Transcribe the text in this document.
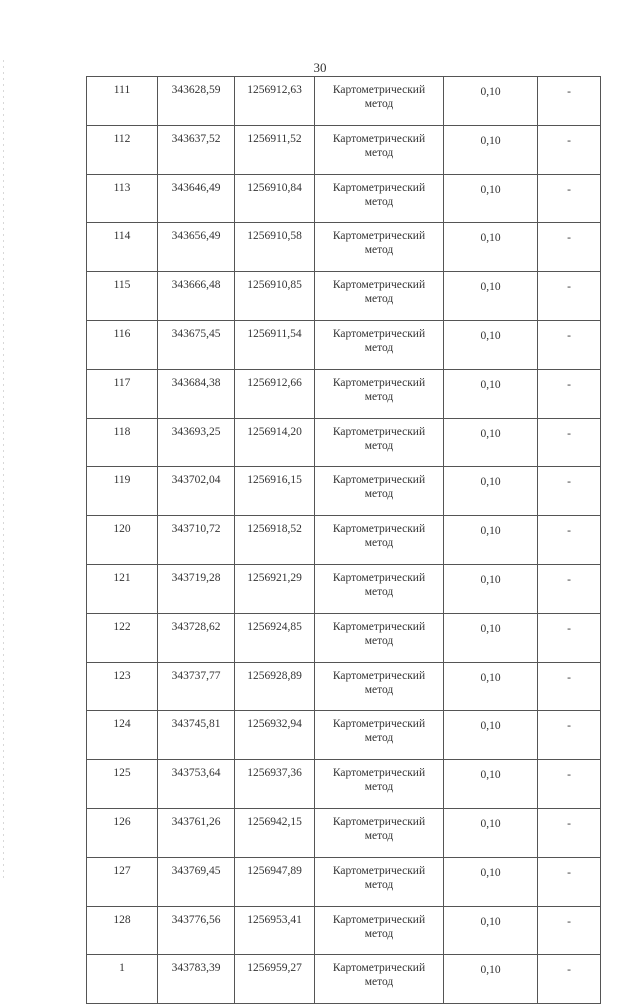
30
111	343628,59	1256912,63	Картометрический
метод	0,10	-
112	343637,52	1256911,52	Картометрический
метод	0,10	-
113	343646,49	1256910,84	Картометрический
метод	0,10	-
114	343656,49	1256910,58	Картометрический
метод	0,10	-
115	343666,48	1256910,85	Картометрический
метод	0,10	-
116	343675,45	1256911,54	Картометрический
метод	0,10	-
117	343684,38	1256912,66	Картометрический
метод	0,10	-
118	343693,25	1256914,20	Картометрический
метод	0,10	-
119	343702,04	1256916,15	Картометрический
метод	0,10	-
120	343710,72	1256918,52	Картометрический
метод	0,10	-
121	343719,28	1256921,29	Картометрический
метод	0,10	-
122	343728,62	1256924,85	Картометрический
метод	0,10	-
123	343737,77	1256928,89	Картометрический
метод	0,10	-
124	343745,81	1256932,94	Картометрический
метод	0,10	-
125	343753,64	1256937,36	Картометрический
метод	0,10	-
126	343761,26	1256942,15	Картометрический
метод	0,10	-
127	343769,45	1256947,89	Картометрический
метод	0,10	-
128	343776,56	1256953,41	Картометрический
метод	0,10	-
1	343783,39	1256959,27	Картометрический
метод	0,10	-
